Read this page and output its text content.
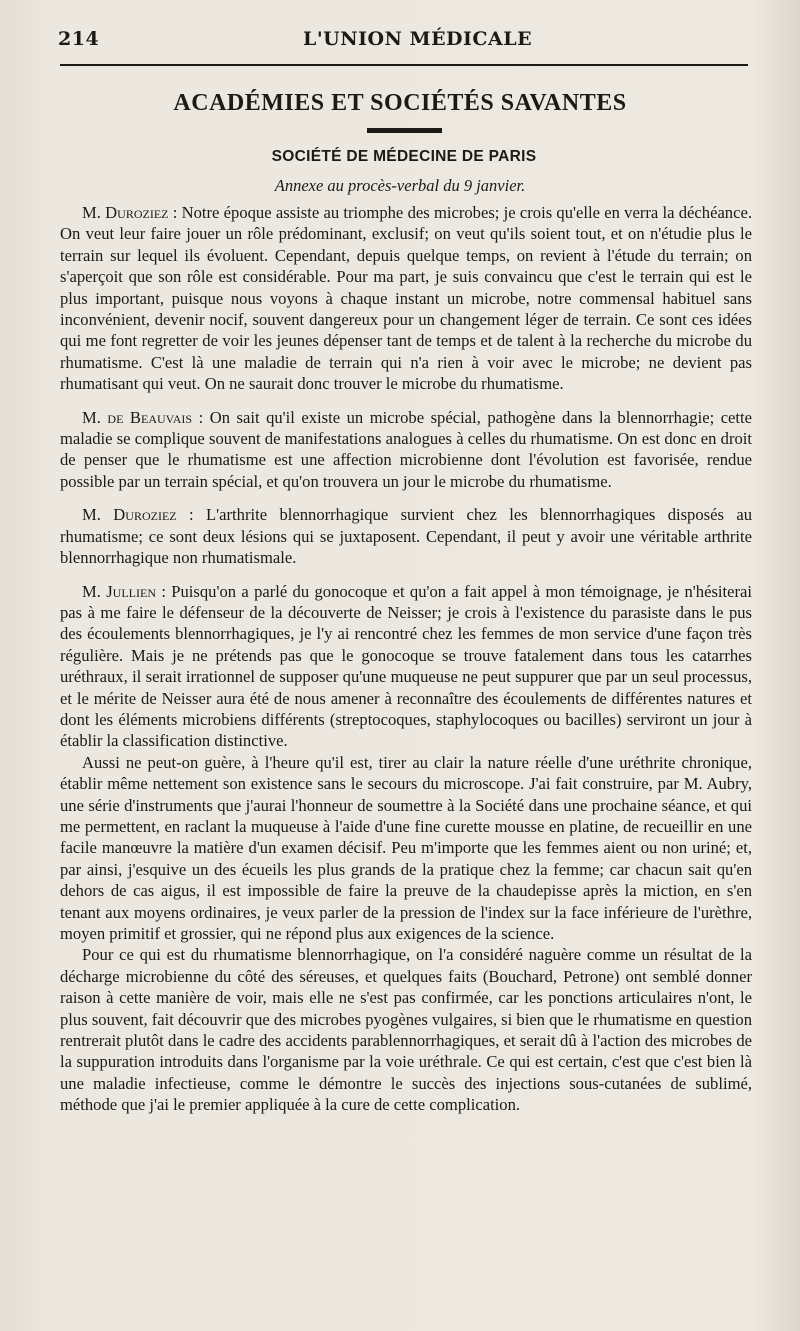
214	L'UNION MÉDICALE
ACADÉMIES ET SOCIÉTÉS SAVANTES
SOCIÉTÉ DE MÉDECINE DE PARIS
Annexe au procès-verbal du 9 janvier.

M. Duroziez : Notre époque assiste au triomphe des microbes; je crois qu'elle en verra la déchéance. On veut leur faire jouer un rôle prédominant, exclusif; on veut qu'ils soient tout, et on n'étudie plus le terrain sur lequel ils évoluent. Cependant, depuis quelque temps, on revient à l'étude du terrain; on s'aperçoit que son rôle est considérable. Pour ma part, je suis convaincu que c'est le terrain qui est le plus important, puisque nous voyons à chaque instant un microbe, notre commensal habituel sans inconvénient, devenir nocif, souvent dangereux pour un changement léger de terrain. Ce sont ces idées qui me font regretter de voir les jeunes dépenser tant de temps et de talent à la recherche du microbe du rhumatisme. C'est là une maladie de terrain qui n'a rien à voir avec le microbe; ne devient pas rhumatisant qui veut. On ne saurait donc trouver le microbe du rhumatisme.

M. de Beauvais : On sait qu'il existe un microbe spécial, pathogène dans la blennorrhagie; cette maladie se complique souvent de manifestations analogues à celles du rhumatisme. On est donc en droit de penser que le rhumatisme est une affection microbienne dont l'évolution est favorisée, rendue possible par un terrain spécial, et qu'on trouvera un jour le microbe du rhumatisme.

M. Duroziez : L'arthrite blennorrhagique survient chez les blennorrhagiques disposés au rhumatisme; ce sont deux lésions qui se juxtaposent. Cependant, il peut y avoir une véritable arthrite blennorrhagique non rhumatismale.

M. Jullien : Puisqu'on a parlé du gonocoque et qu'on a fait appel à mon témoignage, je n'hésiterai pas à me faire le défenseur de la découverte de Neisser; je crois à l'existence du parasiste dans le pus des écoulements blennorrhagiques, je l'y ai rencontré chez les femmes de mon service d'une façon très régulière. Mais je ne prétends pas que le gonocoque se trouve fatalement dans tous les catarrhes uréthraux, il serait irrationnel de supposer qu'une muqueuse ne peut suppurer que par un seul processus, et le mérite de Neisser aura été de nous amener à reconnaître des écoulements de différentes natures et dont les éléments microbiens différents (streptocoques, staphylocoques ou bacilles) serviront un jour à établir la classification distinctive.

Aussi ne peut-on guère, à l'heure qu'il est, tirer au clair la nature réelle d'une uréthrite chronique, établir même nettement son existence sans le secours du microscope. J'ai fait construire, par M. Aubry, une série d'instruments que j'aurai l'honneur de soumettre à la Société dans une prochaine séance, et qui me permettent, en raclant la muqueuse à l'aide d'une fine curette mousse en platine, de recueillir en une facile manœuvre la matière d'un examen décisif. Peu m'importe que les femmes aient ou non uriné; et, par ainsi, j'esquive un des écueils les plus grands de la pratique chez la femme; car chacun sait qu'en dehors de cas aigus, il est impossible de faire la preuve de la chaudepisse après la miction, en s'en tenant aux moyens ordinaires, je veux parler de la pression de l'index sur la face inférieure de l'urèthre, moyen primitif et grossier, qui ne répond plus aux exigences de la science.

Pour ce qui est du rhumatisme blennorrhagique, on l'a considéré naguère comme un résultat de la décharge microbienne du côté des séreuses, et quelques faits (Bouchard, Petrone) ont semblé donner raison à cette manière de voir, mais elle ne s'est pas confirmée, car les ponctions articulaires n'ont, le plus souvent, fait découvrir que des microbes pyogènes vulgaires, si bien que le rhumatisme en question rentrerait plutôt dans le cadre des accidents parablennorrhagiques, et serait dû à l'action des microbes de la suppuration introduits dans l'organisme par la voie uréthrale. Ce qui est certain, c'est que c'est bien là une maladie infectieuse, comme le démontre le succès des injections sous-cutanées de sublimé, méthode que j'ai le premier appliquée à la cure de cette complication.
